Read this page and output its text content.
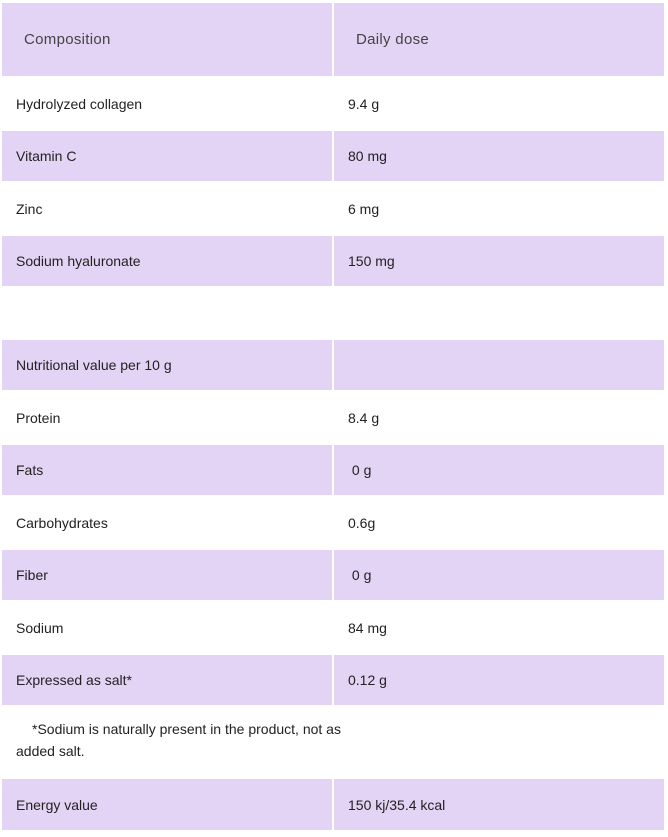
Composition	Daily dose
Hydrolyzed collagen	9.4 g
Vitamin C	80 mg
Zinc	6 mg
Sodium hyaluronate	150 mg
Nutritional value per 10 g
Protein	8.4 g
Fats	0 g
Carbohydrates	0.6g
Fiber	0 g
Sodium	84 mg
Expressed as salt*	0.12 g
*Sodium is naturally present in the product, not as added salt.
Energy value	150 kj/35.4 kcal
